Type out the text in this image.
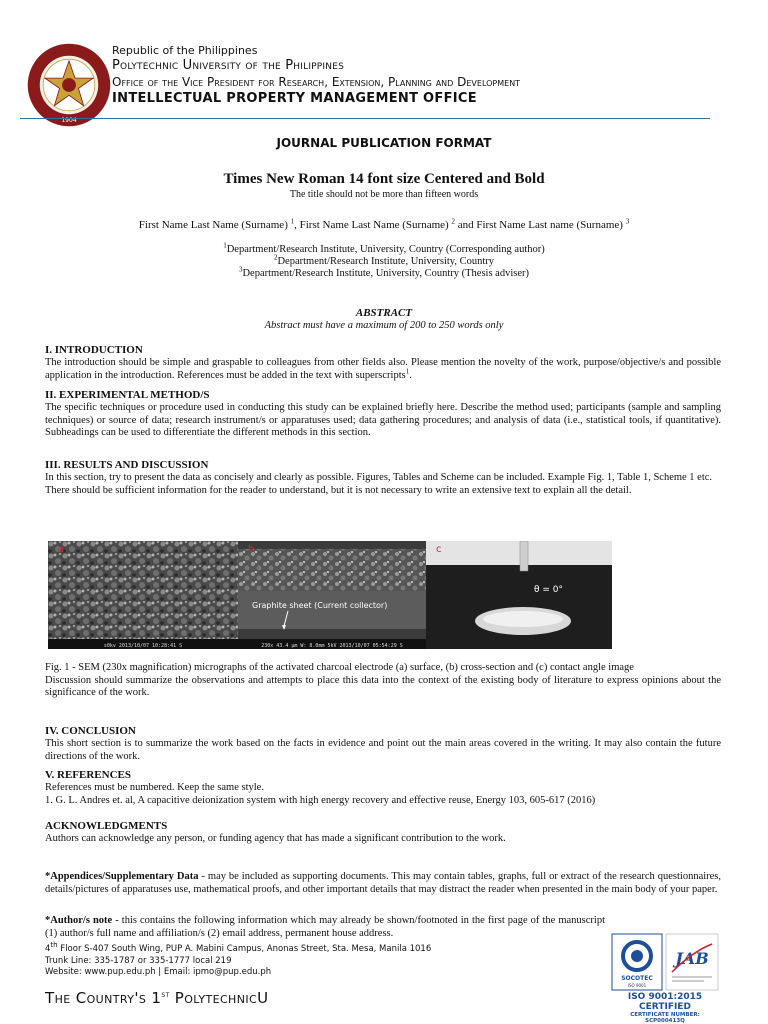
1904
Republic of the Philippines
Polytechnic University of the Philippines
Office of the Vice President for Research, Extension, Planning and Development
INTELLECTUAL PROPERTY MANAGEMENT OFFICE
JOURNAL PUBLICATION FORMAT
Times New Roman 14 font size Centered and Bold
The title should not be more than fifteen words
First Name Last Name (Surname) $^1$, First Name Last Name (Surname) $^2$ and First Name Last name (Surname) $^3$
$^1$Department/Research Institute, University, Country (Corresponding author)
$^2$Department/Research Institute, University, Country
$^3$Department/Research Institute, University, Country (Thesis adviser)
ABSTRACT
Abstract must have a maximum of 200 to 250 words only
I. INTRODUCTION

The introduction should be simple and graspable to colleagues from other fields also. Please mention the novelty of the work, purpose/objective/s and possible application in the introduction. References must be added in the text with superscripts$^1$.

II. EXPERIMENTAL METHOD/S

The specific techniques or procedure used in conducting this study can be explained briefly here. Describe the method used; participants (sample and sampling techniques) or source of data; research instrument/s or apparatuses used; data gathering procedures; and analysis of data (i.e., statistical tools, if quantitative). Subheadings can be used to differentiate the different methods in this section.

III. RESULTS AND DISCUSSION

In this section, try to present the data as concisely and clearly as possible. Figures, Tables and Scheme can be included. Example Fig. 1, Table 1, Scheme 1 etc.

There should be sufficient information for the reader to understand, but it is not necessary to write an extensive text to explain all the detail.

s0kv 2013/10/07 10:28:41 S
a
230x 43.4 µm W: 8.0mm 5kV 2013/10/07 05:54:29 S
b
Graphite sheet (Current collector)
c
θ = 0°

Fig. 1 - SEM (230x magnification) micrographs of the activated charcoal electrode (a) surface, (b) cross-section and (c) contact angle image

Discussion should summarize the observations and attempts to place this data into the context of the existing body of literature to express opinions about the significance of the work.

IV. CONCLUSION

This short section is to summarize the work based on the facts in evidence and point out the main areas covered in the writing. It may also contain the future directions of the work.

V. REFERENCES

References must be numbered. Keep the same style.

1. G. L. Andres et. al, A capacitive deionization system with high energy recovery and effective reuse, Energy 103, 605-617 (2016)

ACKNOWLEDGMENTS

Authors can acknowledge any person, or funding agency that has made a significant contribution to the work.

*Appendices/Supplementary Data - may be included as supporting documents. This may contain tables, graphs, full or extract of the research questionnaires, details/pictures of apparatuses use, mathematical proofs, and other important details that may distract the reader when presented in the main body of your paper.

*Author/s note - this contains the following information which may already be shown/footnoted in the first page of the manuscript (1) author/s full name and affiliation/s (2) email address, permanent house address.

4th Floor S-407 South Wing, PUP A. Mabini Campus, Anonas Street, Sta. Mesa, Manila 1016
Trunk Line: 335-1787 or 335-1777 local 219
Website: www.pup.edu.ph | Email: ipmo@pup.edu.ph
The Country's 1st PolytechnicU
SOCOTEC
ISO 9001
JAB
ISO 9001:2015 CERTIFIED
CERTIFICATE NUMBER: SCP000413Q
